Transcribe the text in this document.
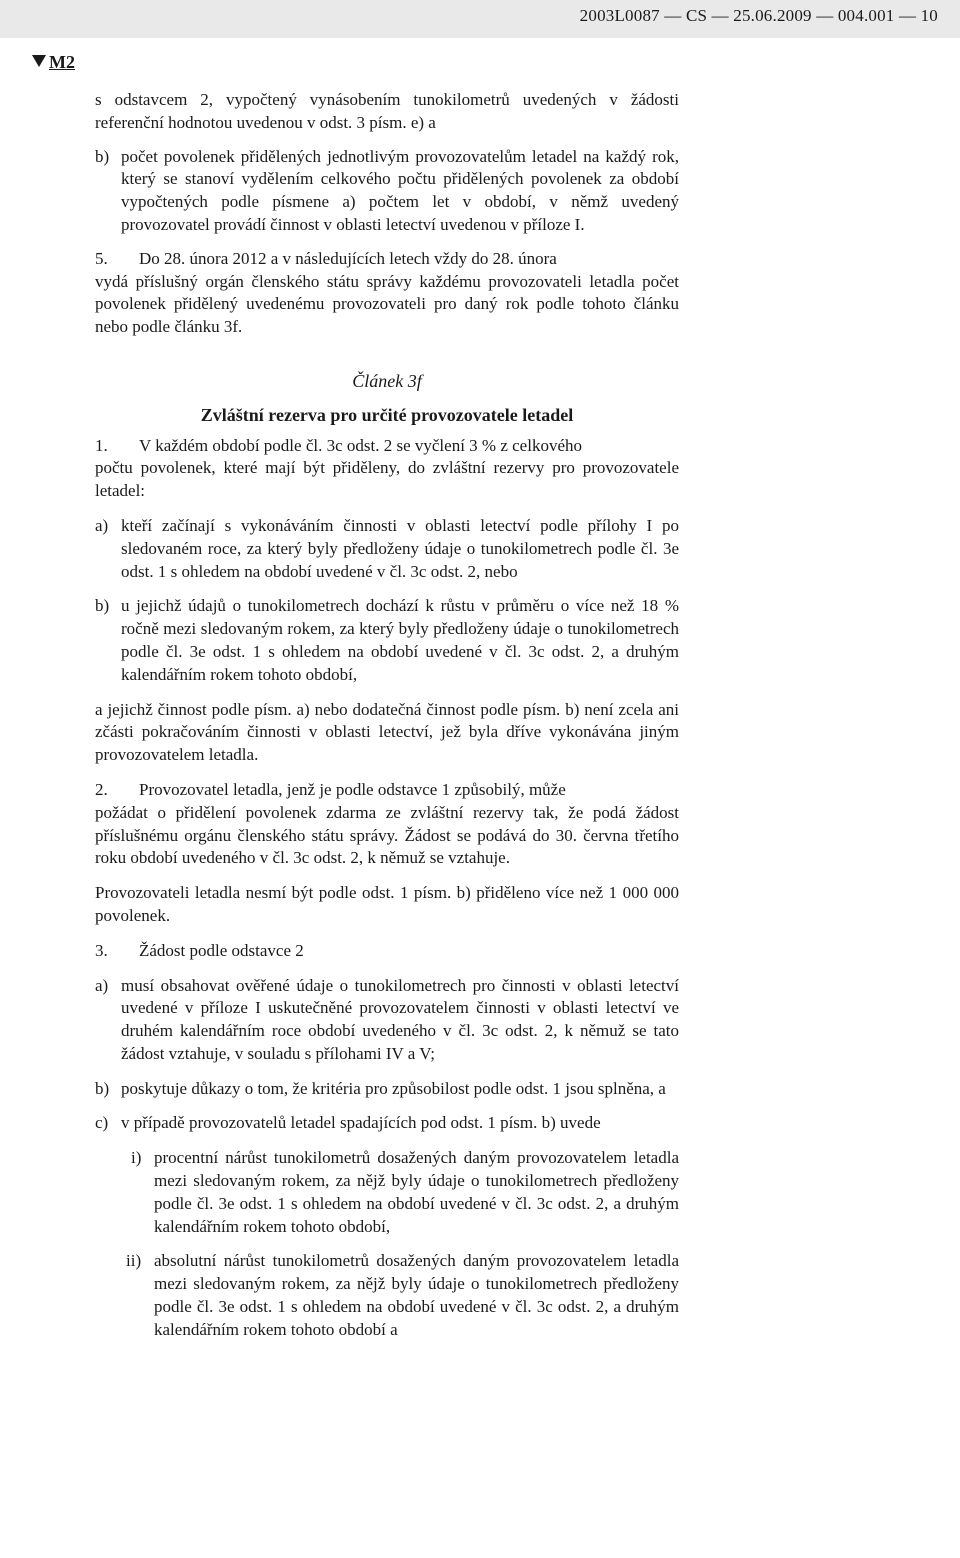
2003L0087 — CS — 25.06.2009 — 004.001 — 10
M2

s odstavcem 2, vypočtený vynásobením tunokilometrů uvedených v žádosti referenční hodnotou uvedenou v odst. 3 písm. e) a

b) počet povolenek přidělených jednotlivým provozovatelům letadel na každý rok, který se stanoví vydělením celkového počtu přidělených povolenek za období vypočtených podle písmene a) počtem let v období, v němž uvedený provozovatel provádí činnost v oblasti letectví uvedenou v příloze I.
5.	Do 28. února 2012 a v následujících letech vždy do 28. února

vydá příslušný orgán členského státu správy každému provozovateli letadla počet povolenek přidělený uvedenému provozovateli pro daný rok podle tohoto článku nebo podle článku 3f.

Článek 3f

Zvláštní rezerva pro určité provozovatele letadel

1.	V každém období podle čl. 3c odst. 2 se vyčlení 3 % z celkového

počtu povolenek, které mají být přiděleny, do zvláštní rezervy pro provozovatele letadel:

a) kteří začínají s vykonáváním činnosti v oblasti letectví podle přílohy I po sledovaném roce, za který byly předloženy údaje o tunokilometrech podle čl. 3e odst. 1 s ohledem na období uvedené v čl. 3c odst. 2, nebo
b) u jejichž údajů o tunokilometrech dochází k růstu v průměru o více než 18 % ročně mezi sledovaným rokem, za který byly předloženy údaje o tunokilometrech podle čl. 3e odst. 1 s ohledem na období uvedené v čl. 3c odst. 2, a druhým kalendářním rokem tohoto období,

a jejichž činnost podle písm. a) nebo dodatečná činnost podle písm. b) není zcela ani zčásti pokračováním činnosti v oblasti letectví, jež byla dříve vykonávána jiným provozovatelem letadla.

2.	Provozovatel letadla, jenž je podle odstavce 1 způsobilý, může

požádat o přidělení povolenek zdarma ze zvláštní rezervy tak, že podá žádost příslušnému orgánu členského státu správy. Žádost se podává do 30. června třetího roku období uvedeného v čl. 3c odst. 2, k němuž se vztahuje.

Provozovateli letadla nesmí být podle odst. 1 písm. b) přiděleno více než 1 000 000 povolenek.

3.	Žádost podle odstavce 2
a) musí obsahovat ověřené údaje o tunokilometrech pro činnosti v oblasti letectví uvedené v příloze I uskutečněné provozovatelem činnosti v oblasti letectví ve druhém kalendářním roce období uvedeného v čl. 3c odst. 2, k němuž se tato žádost vztahuje, v souladu s přílohami IV a V;
b) poskytuje důkazy o tom, že kritéria pro způsobilost podle odst. 1 jsou splněna, a
c) v případě provozovatelů letadel spadajících pod odst. 1 písm. b) uvede
i) procentní nárůst tunokilometrů dosažených daným provozovatelem letadla mezi sledovaným rokem, za nějž byly údaje o tunokilometrech předloženy podle čl. 3e odst. 1 s ohledem na období uvedené v čl. 3c odst. 2, a druhým kalendářním rokem tohoto období,
ii) absolutní nárůst tunokilometrů dosažených daným provozovatelem letadla mezi sledovaným rokem, za nějž byly údaje o tunokilometrech předloženy podle čl. 3e odst. 1 s ohledem na období uvedené v čl. 3c odst. 2, a druhým kalendářním rokem tohoto období a
